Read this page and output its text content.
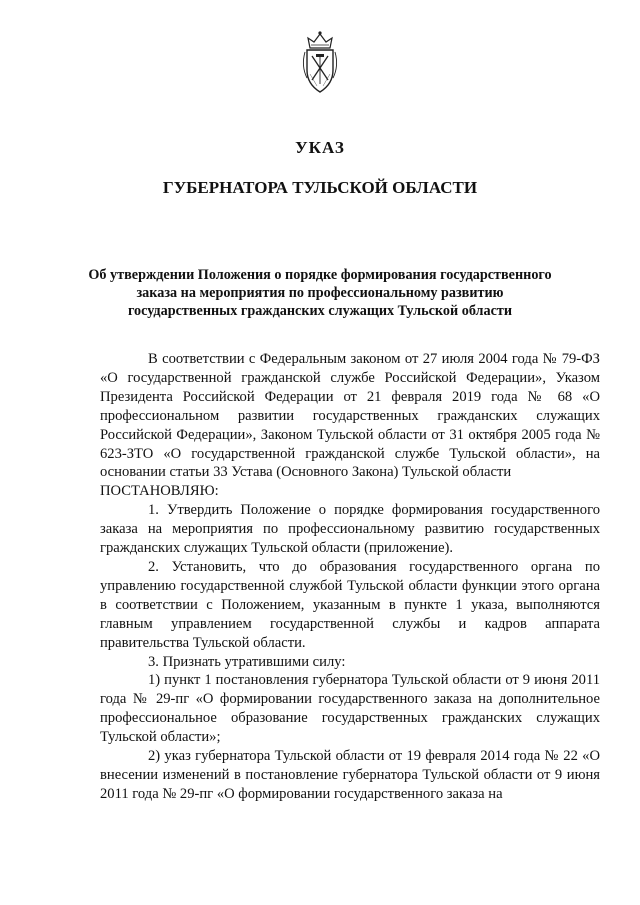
УКАЗ
ГУБЕРНАТОРА ТУЛЬСКОЙ ОБЛАСТИ
Об утверждении Положения о порядке формирования государственного
заказа на мероприятия по профессиональному развитию
государственных гражданских служащих Тульской области

В соответствии с Федеральным законом от 27 июля 2004 года № 79-ФЗ «О государственной гражданской службе Российской Федерации», Указом Президента Российской Федерации от 21 февраля 2019 года № 68 «О профессиональном развитии государственных гражданских служащих Российской Федерации», Законом Тульской области от 31 октября 2005 года № 623-ЗТО «О государственной гражданской службе Тульской области», на основании статьи 33 Устава (Основного Закона) Тульской области

ПОСТАНОВЛЯЮ:

1. Утвердить Положение о порядке формирования государственного заказа на мероприятия по профессиональному развитию государственных гражданских служащих Тульской области (приложение).

2. Установить, что до образования государственного органа по управлению государственной службой Тульской области функции этого органа в соответствии с Положением, указанным в пункте 1 указа, выполняются главным управлением государственной службы и кадров аппарата правительства Тульской области.

3. Признать утратившими силу:

1) пункт 1 постановления губернатора Тульской области от 9 июня 2011 года № 29-пг «О формировании государственного заказа на дополнительное профессиональное образование государственных гражданских служащих Тульской области»;

2) указ губернатора Тульской области от 19 февраля 2014 года № 22 «О внесении изменений в постановление губернатора Тульской области от 9 июня 2011 года № 29-пг «О формировании государственного заказа на
